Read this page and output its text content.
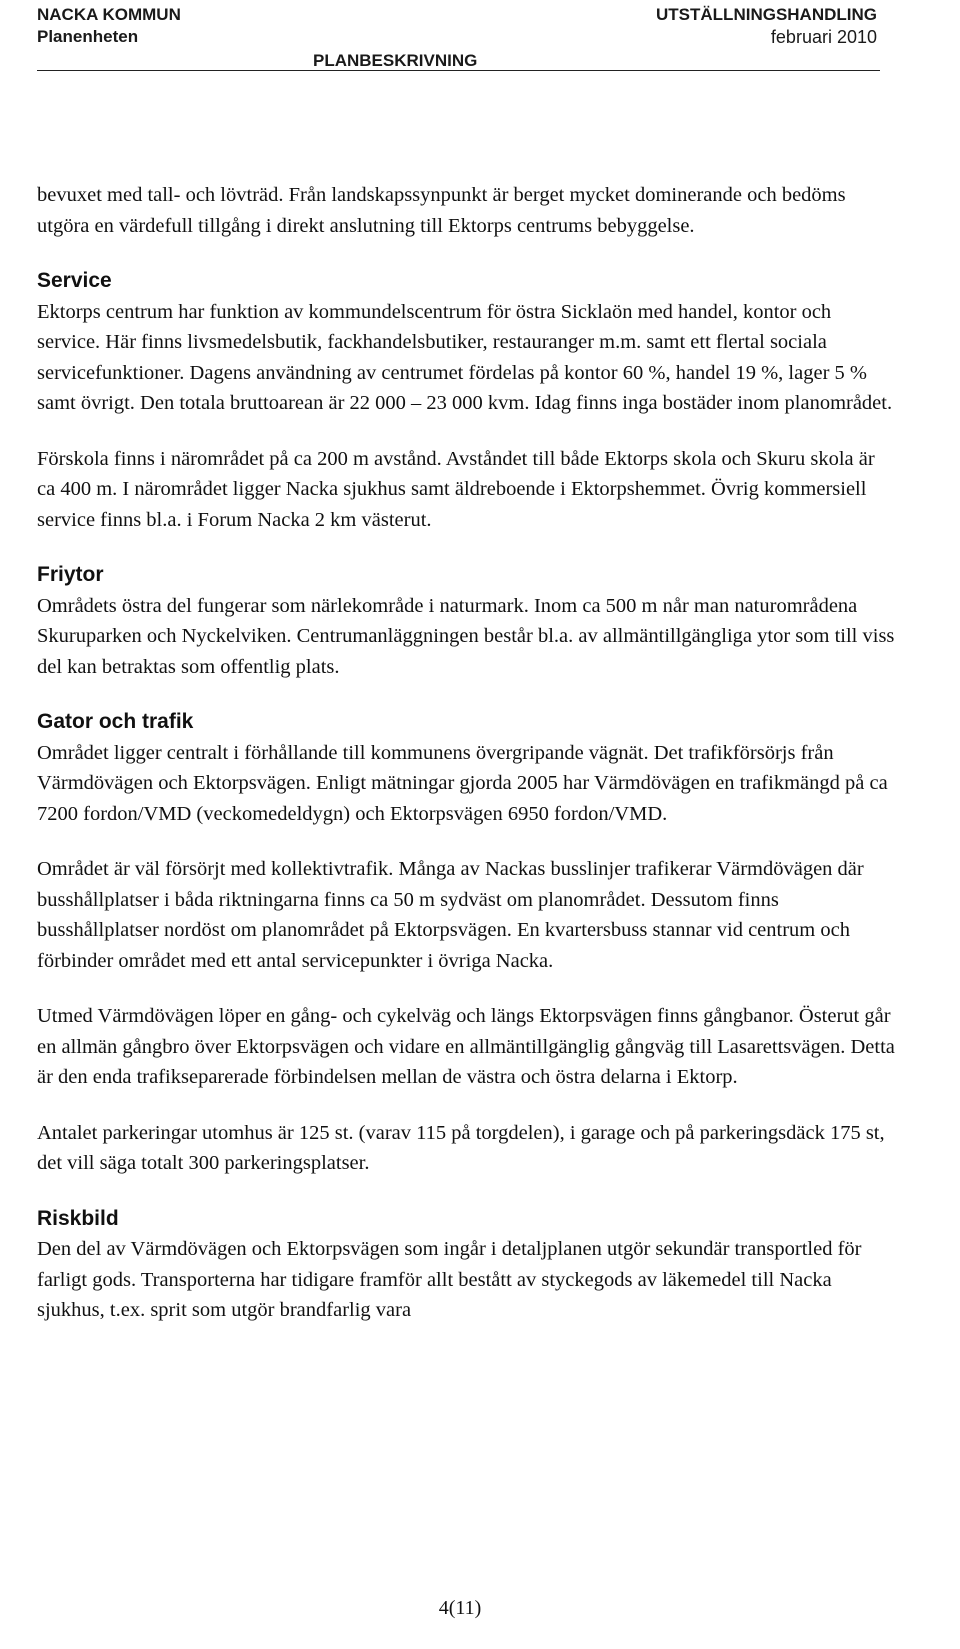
NACKA KOMMUN
Planenheten
UTSTÄLLNINGSHANDLING
februari 2010
PLANBESKRIVNING

bevuxet med tall- och lövträd. Från landskapssynpunkt är berget mycket dominerande och bedöms utgöra en värdefull tillgång i direkt anslutning till Ektorps centrums bebyggelse.

Service

Ektorps centrum har funktion av kommundelscentrum för östra Sicklaön med handel, kontor och service. Här finns livsmedelsbutik, fackhandelsbutiker, restauranger m.m. samt ett flertal sociala servicefunktioner. Dagens användning av centrumet fördelas på kontor 60 %, handel 19 %, lager 5 % samt övrigt. Den totala bruttoarean är 22 000 – 23 000 kvm. Idag finns inga bostäder inom planområdet.

Förskola finns i närområdet på ca 200 m avstånd. Avståndet till både Ektorps skola och Skuru skola är ca 400 m. I närområdet ligger Nacka sjukhus samt äldreboende i Ektorpshemmet. Övrig kommersiell service finns bl.a. i Forum Nacka 2 km västerut.

Friytor

Områdets östra del fungerar som närlekområde i naturmark. Inom ca 500 m når man naturområdena Skuruparken och Nyckelviken. Centrumanläggningen består bl.a. av allmäntillgängliga ytor som till viss del kan betraktas som offentlig plats.

Gator och trafik

Området ligger centralt i förhållande till kommunens övergripande vägnät. Det trafikförsörjs från Värmdövägen och Ektorpsvägen. Enligt mätningar gjorda 2005 har Värmdövägen en trafikmängd på ca 7200 fordon/VMD (veckomedeldygn) och Ektorpsvägen 6950 fordon/VMD.

Området är väl försörjt med kollektivtrafik. Många av Nackas busslinjer trafikerar Värmdövägen där busshållplatser i båda riktningarna finns ca 50 m sydväst om planområdet. Dessutom finns busshållplatser nordöst om planområdet på Ektorpsvägen. En kvartersbuss stannar vid centrum och förbinder området med ett antal servicepunkter i övriga Nacka.

Utmed Värmdövägen löper en gång- och cykelväg och längs Ektorpsvägen finns gångbanor. Österut går en allmän gångbro över Ektorpsvägen och vidare en allmäntillgänglig gångväg till Lasarettsvägen. Detta är den enda trafikseparerade förbindelsen mellan de västra och östra delarna i Ektorp.

Antalet parkeringar utomhus är 125 st. (varav 115 på torgdelen), i garage och på parkeringsdäck 175 st, det vill säga totalt 300 parkeringsplatser.

Riskbild

Den del av Värmdövägen och Ektorpsvägen som ingår i detaljplanen utgör sekundär transportled för farligt gods. Transporterna har tidigare framför allt bestått av styckegods av läkemedel till Nacka sjukhus, t.ex. sprit som utgör brandfarlig vara

4(11)
